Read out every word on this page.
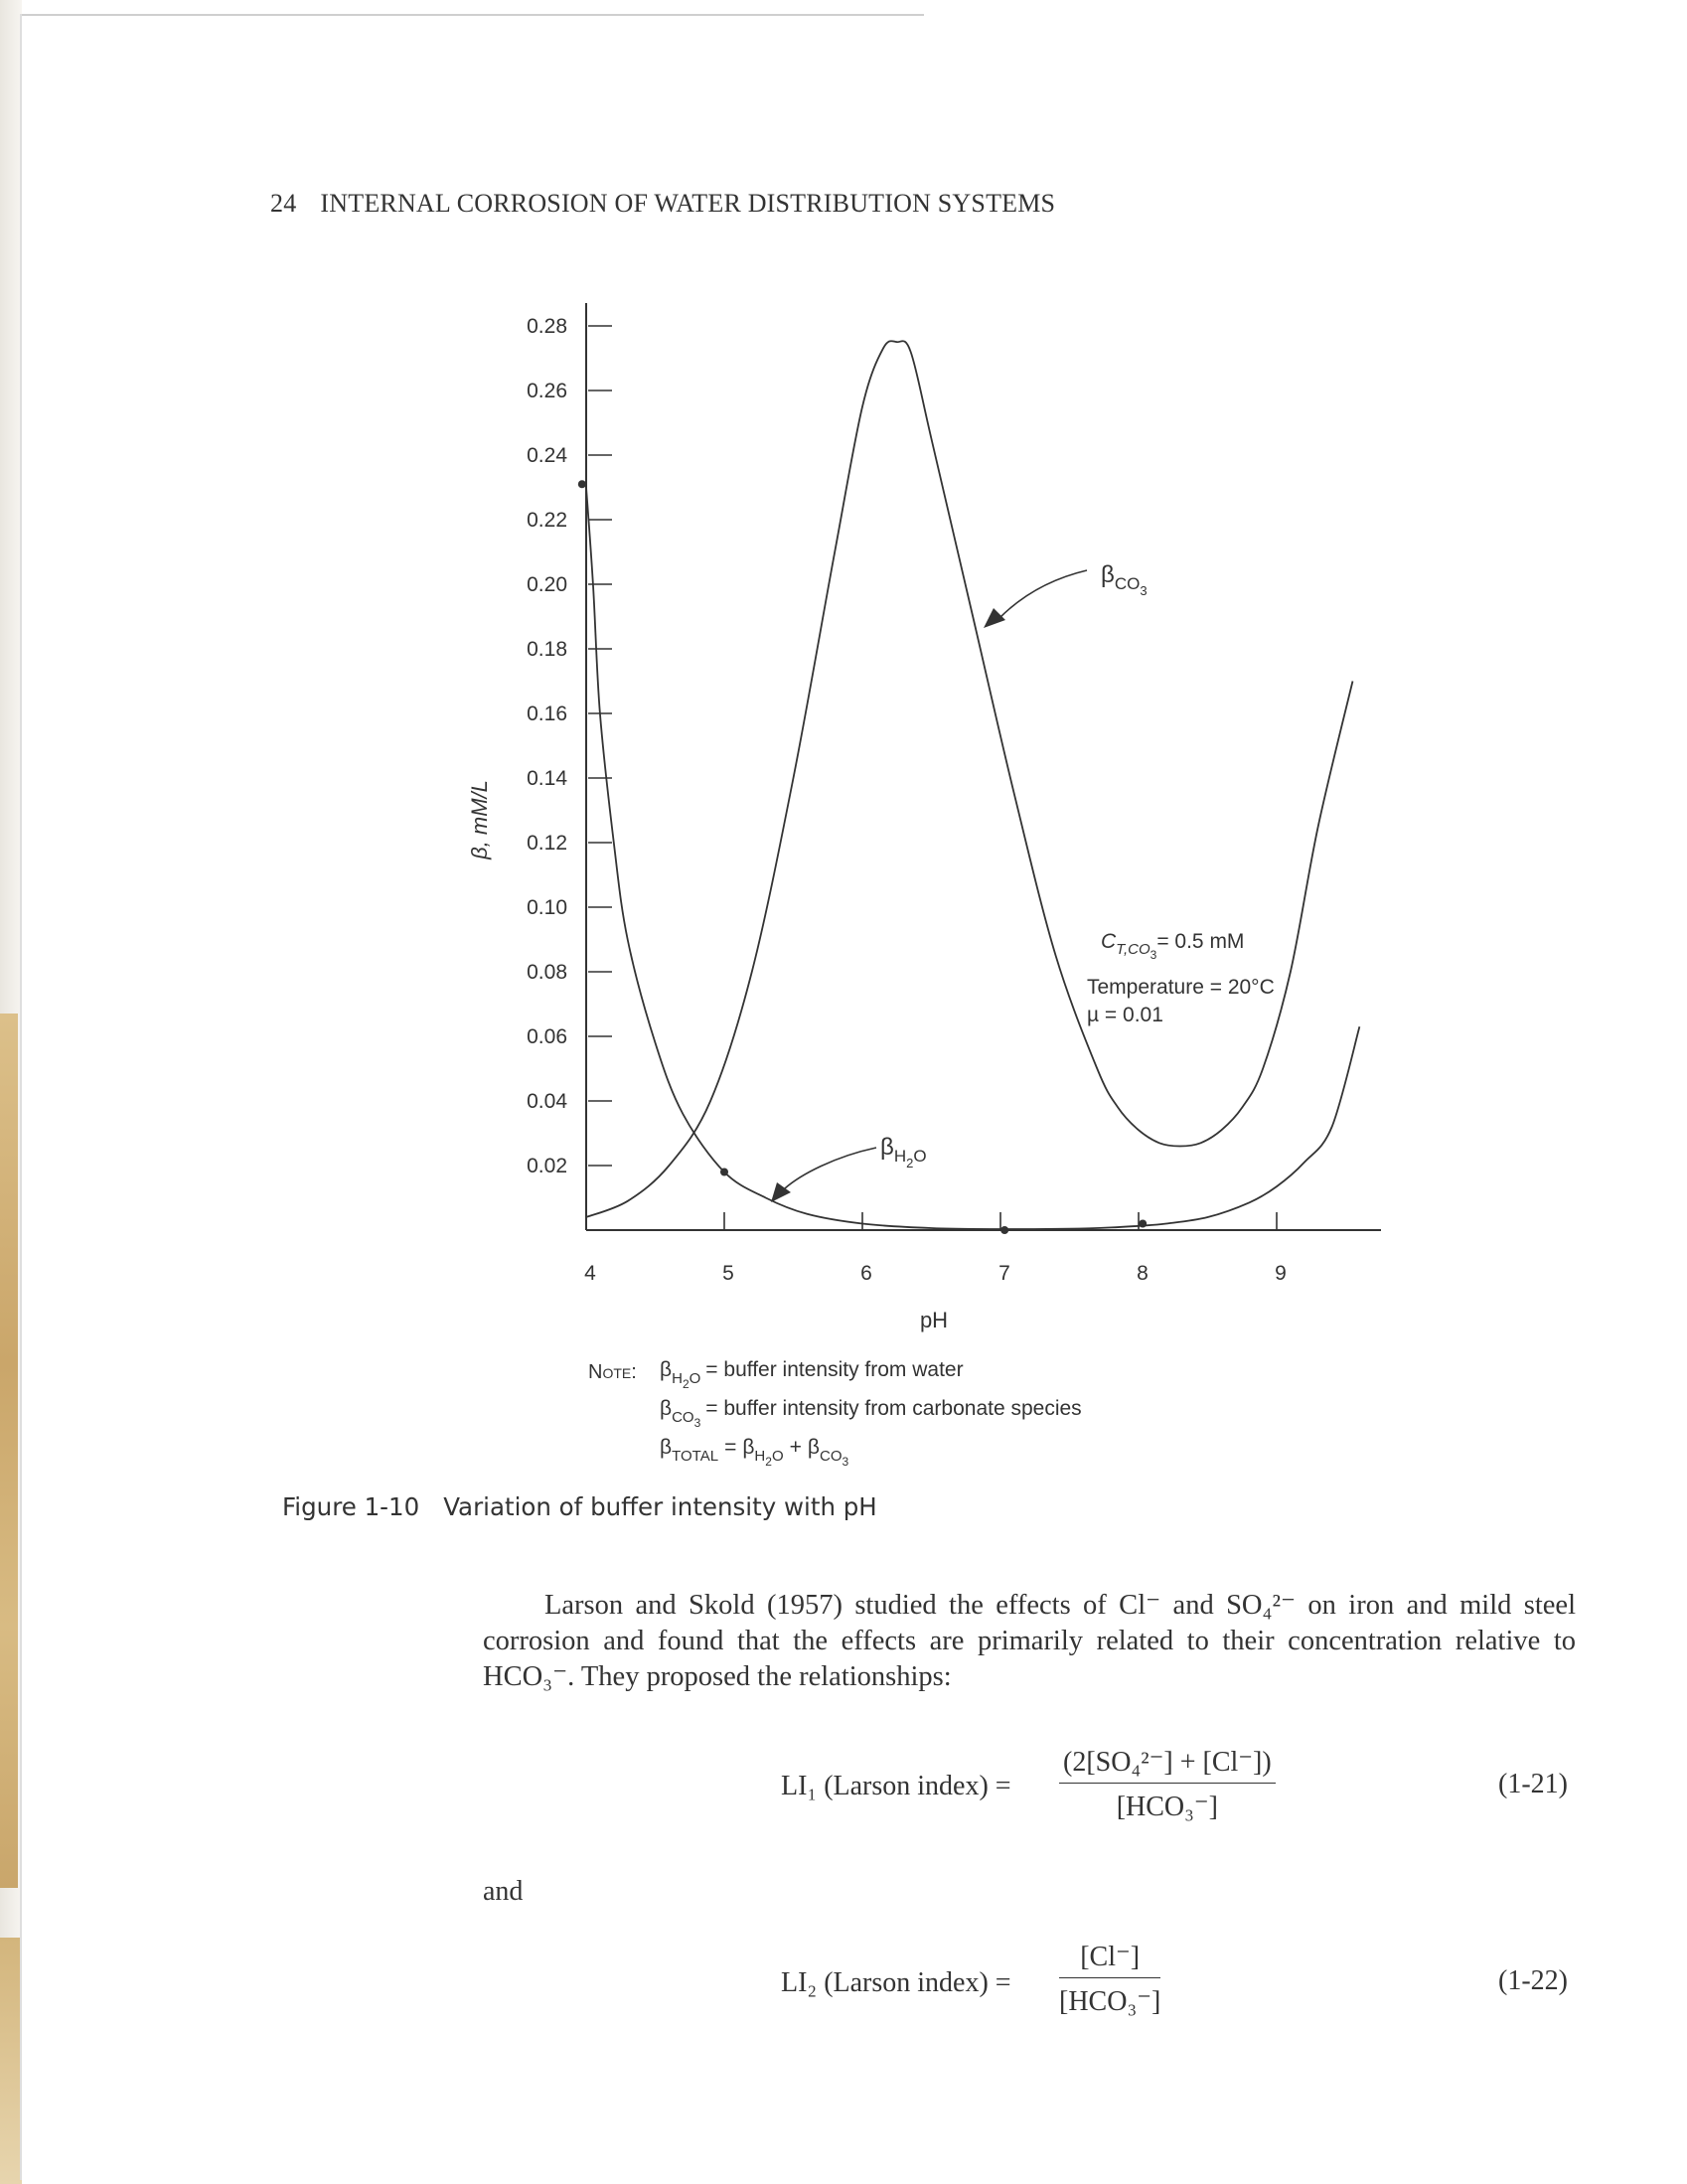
24 INTERNAL CORROSION OF WATER DISTRIBUTION SYSTEMS
0.02
0.04
0.06
0.08
0.10
0.12
0.14
0.16
0.18
0.20
0.22
0.24
0.26
0.28
4	5	6	7	8	9
β, mM/L
pH
$\beta_{CO3}$
$\beta_{H2}^O$
$C_{T,CO3}= 0.5$ mM
Temperature = 20°C
µ = 0.01
Note: $\beta_{H2}^O$ = buffer intensity from water
$\beta_{CO3}=$ buffer intensity from carbonate species
$\beta_{TOTAL} = \beta_{H2}^O + \beta_{CO3}$
Figure 1-10 Variation of buffer intensity with pH
Larson and Skold (1957) studied the effects of Cl⁻ and SO₄²⁻ on iron and mild steel corrosion and found that the effects are primarily related to their concentration relative to HCO₃⁻. They proposed the relationships:
LI₁ (Larson index) =
(2[SO₄²⁻] + [Cl⁻])
[HCO₃⁻]
(1-21)
and
LI₂ (Larson index) =
[Cl⁻]
[HCO₃⁻]
(1-22)
